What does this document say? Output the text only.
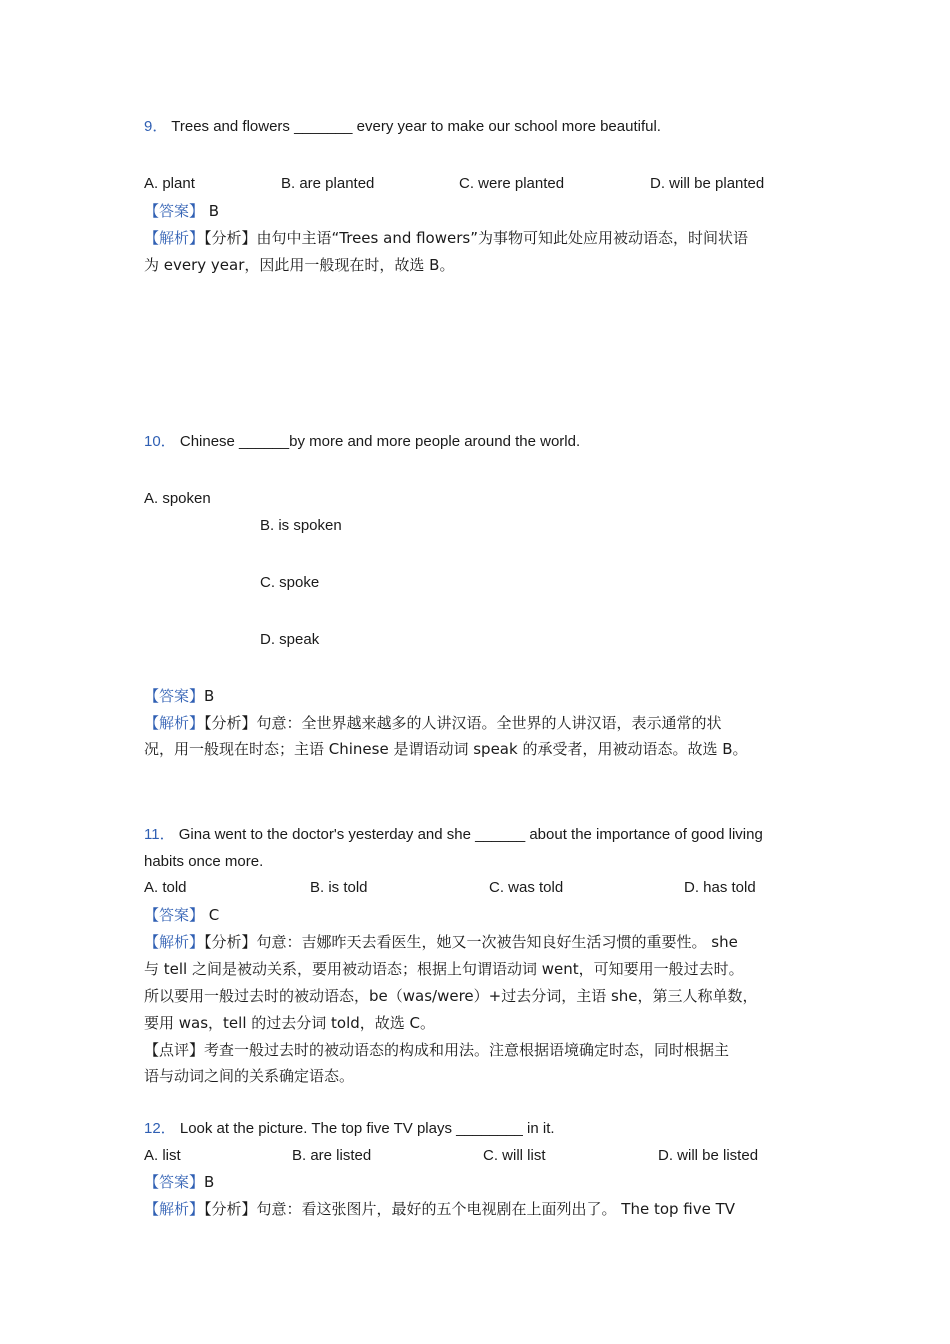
9． Trees and flowers _______ every year to make our school more beautiful.
A. plant	B. are planted	C. were planted	D. will be planted
【答案】 B
【解析】【分析】由句中主语“Trees and flowers”为事物可知此处应用被动语态，时间状语
为 every year，因此用一般现在时，故选 B。
10． Chinese ______by more and more people around the world.
A. spoken
B. is spoken
C. spoke
D. speak
【答案】B
【解析】【分析】句意：全世界越来越多的人讲汉语。全世界的人讲汉语，表示通常的状
况，用一般现在时态；主语 Chinese 是谓语动词 speak 的承受者，用被动语态。故选 B。
11． Gina went to the doctor's yesterday and she ______ about the importance of good living
habits once more.
A. told	B. is told	C. was told	D. has told
【答案】 C
【解析】【分析】句意：吉娜昨天去看医生，她又一次被告知良好生活习惯的重要性。 she
与 tell 之间是被动关系，要用被动语态；根据上句谓语动词 went，可知要用一般过去时。
所以要用一般过去时的被动语态，be（was/were）+过去分词，主语 she，第三人称单数，
要用 was，tell 的过去分词 told，故选 C。
【点评】考查一般过去时的被动语态的构成和用法。注意根据语境确定时态，同时根据主
语与动词之间的关系确定语态。
12． Look at the picture. The top five TV plays ________ in it.
A. list	B. are listed	C. will list	D. will be listed
【答案】B
【解析】【分析】句意：看这张图片，最好的五个电视剧在上面列出了。 The top five TV
